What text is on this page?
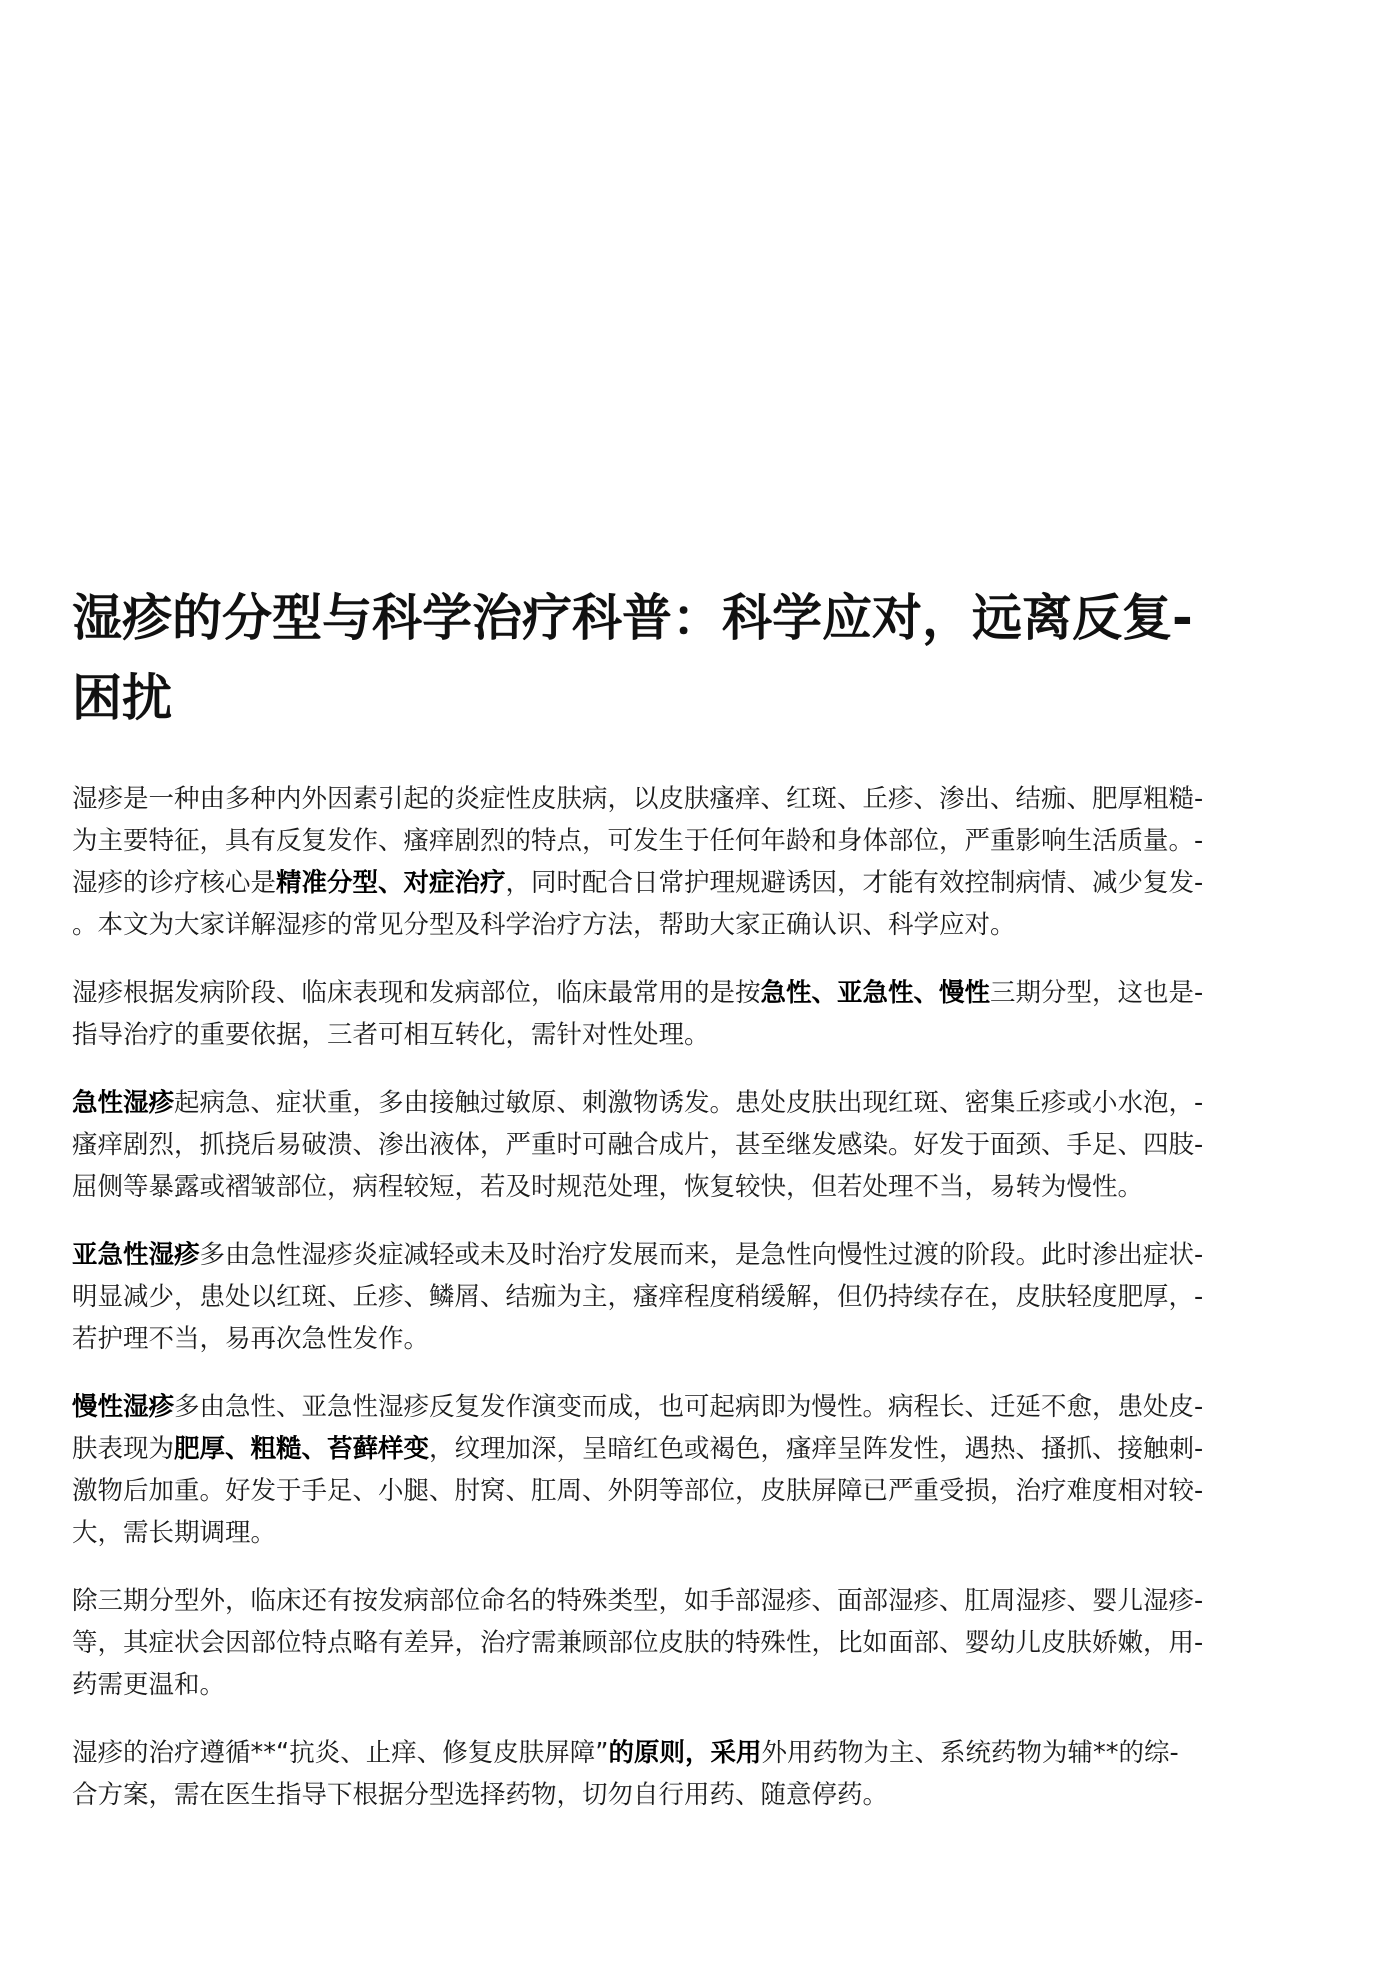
湿疹的分型与科学治疗科普：科学应对，远离反复-
困扰

湿疹是一种由多种内外因素引起的炎症性皮肤病，以皮肤瘙痒、红斑、丘疹、渗出、结痂、肥厚粗糙-
为主要特征，具有反复发作、瘙痒剧烈的特点，可发生于任何年龄和身体部位，严重影响生活质量。-
湿疹的诊疗核心是精准分型、对症治疗，同时配合日常护理规避诱因，才能有效控制病情、减少复发-
。本文为大家详解湿疹的常见分型及科学治疗方法，帮助大家正确认识、科学应对。

湿疹根据发病阶段、临床表现和发病部位，临床最常用的是按急性、亚急性、慢性三期分型，这也是-
指导治疗的重要依据，三者可相互转化，需针对性处理。

急性湿疹起病急、症状重，多由接触过敏原、刺激物诱发。患处皮肤出现红斑、密集丘疹或小水泡，-
瘙痒剧烈，抓挠后易破溃、渗出液体，严重时可融合成片，甚至继发感染。好发于面颈、手足、四肢-
屈侧等暴露或褶皱部位，病程较短，若及时规范处理，恢复较快，但若处理不当，易转为慢性。

亚急性湿疹多由急性湿疹炎症减轻或未及时治疗发展而来，是急性向慢性过渡的阶段。此时渗出症状-
明显减少，患处以红斑、丘疹、鳞屑、结痂为主，瘙痒程度稍缓解，但仍持续存在，皮肤轻度肥厚，-
若护理不当，易再次急性发作。

慢性湿疹多由急性、亚急性湿疹反复发作演变而成，也可起病即为慢性。病程长、迁延不愈，患处皮-
肤表现为肥厚、粗糙、苔藓样变，纹理加深，呈暗红色或褐色，瘙痒呈阵发性，遇热、搔抓、接触刺-
激物后加重。好发于手足、小腿、肘窝、肛周、外阴等部位，皮肤屏障已严重受损，治疗难度相对较-
大，需长期调理。

除三期分型外，临床还有按发病部位命名的特殊类型，如手部湿疹、面部湿疹、肛周湿疹、婴儿湿疹-
等，其症状会因部位特点略有差异，治疗需兼顾部位皮肤的特殊性，比如面部、婴幼儿皮肤娇嫩，用-
药需更温和。

湿疹的治疗遵循**“抗炎、止痒、修复皮肤屏障”的原则，采用外用药物为主、系统药物为辅**的综-
合方案，需在医生指导下根据分型选择药物，切勿自行用药、随意停药。
